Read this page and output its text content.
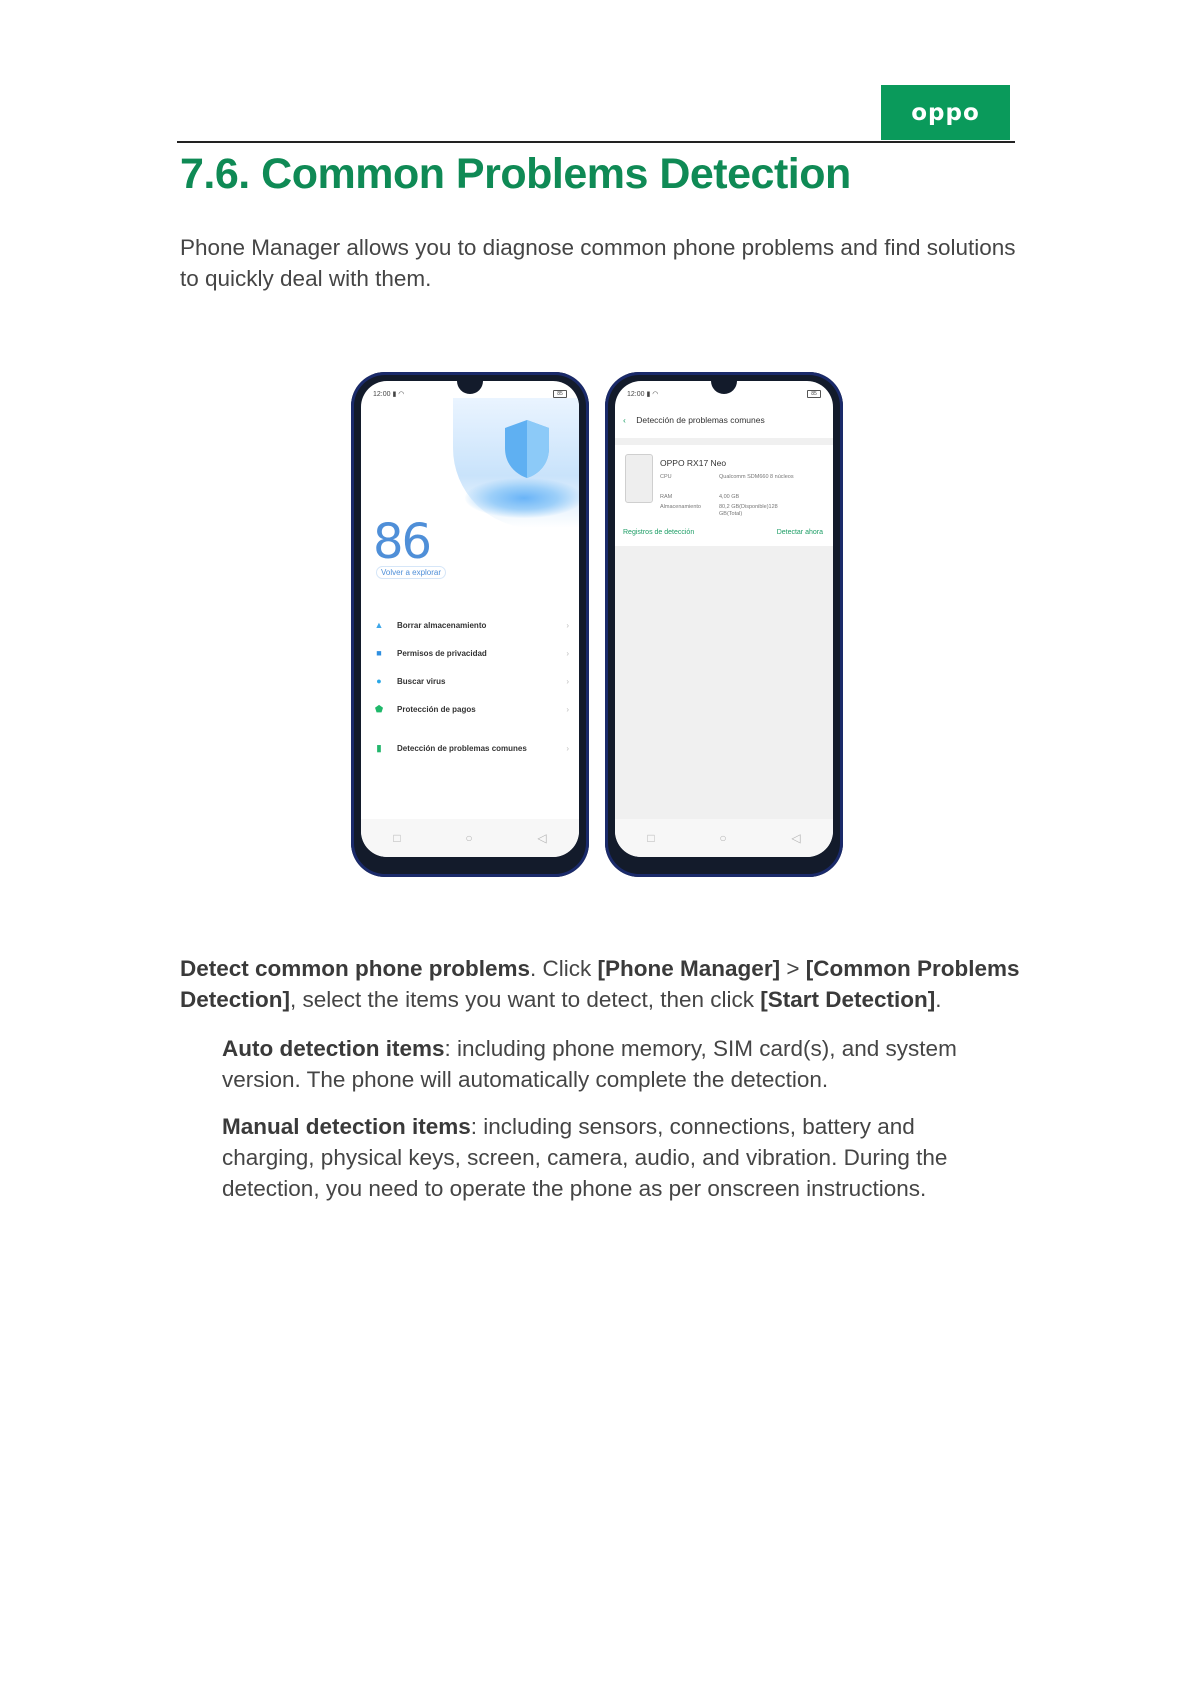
oppo
7.6. Common Problems Detection

Phone Manager allows you to diagnose common phone problems and find solutions to quickly deal with them.

12:00 ▮ ◠	85
86
Volver a explorar
▲ Borrar almacenamiento	›
■	Permisos de privacidad	›
●	Buscar virus	›
⬟ Protección de pagos	›
▮	Detección de problemas comunes	›
□	○	◁
12:00 ▮ ◠	85
‹ Detección de problemas comunes
OPPO RX17 Neo
CPU	Qualcomm SDM660 8 núcleos
RAM	4,00 GB
Almacenamiento	80,2 GB(Disponible)128 GB(Total)
Registros de detección	Detectar ahora
□	○	◁

Detect common phone problems. Click [Phone Manager] > [Common Problems Detection], select the items you want to detect, then click [Start Detection].

Auto detection items: including phone memory, SIM card(s), and system version. The phone will automatically complete the detection.

Manual detection items: including sensors, connections, battery and charging, physical keys, screen, camera, audio, and vibration. During the detection, you need to operate the phone as per onscreen instructions.
